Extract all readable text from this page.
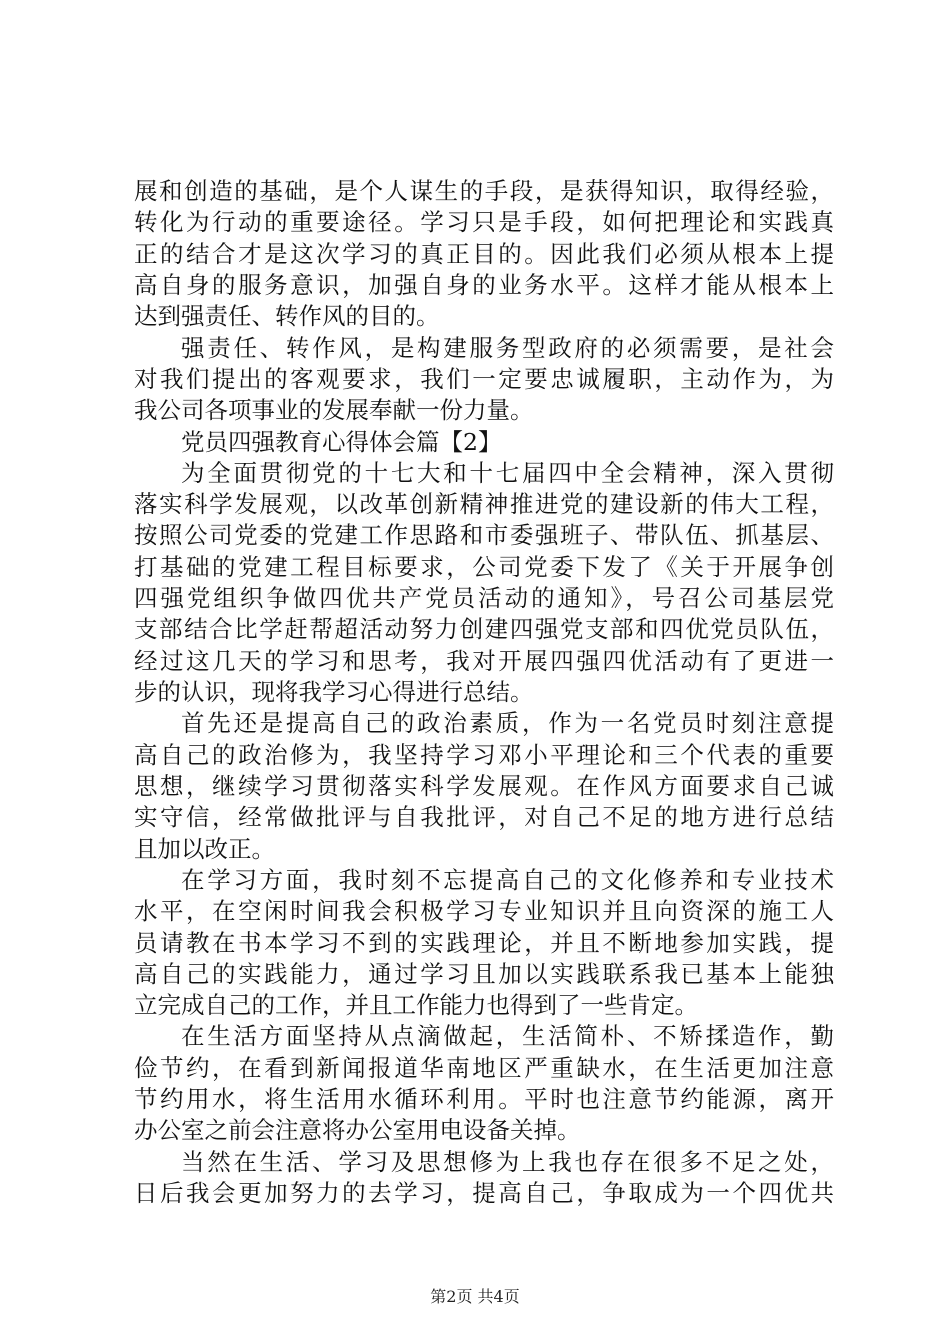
展和创造的基础，是个人谋生的手段，是获得知识，取得经验，
转化为行动的重要途径。学习只是手段，如何把理论和实践真
正的结合才是这次学习的真正目的。因此我们必须从根本上提
高自身的服务意识，加强自身的业务水平。这样才能从根本上
达到强责任、转作风的目的。
强责任、转作风，是构建服务型政府的必须需要，是社会
对我们提出的客观要求，我们一定要忠诚履职，主动作为，为
我公司各项事业的发展奉献一份力量。
党员四强教育心得体会篇【2】
为全面贯彻党的十七大和十七届四中全会精神，深入贯彻
落实科学发展观，以改革创新精神推进党的建设新的伟大工程，
按照公司党委的党建工作思路和市委强班子、带队伍、抓基层、
打基础的党建工程目标要求，公司党委下发了《关于开展争创
四强党组织争做四优共产党员活动的通知》，号召公司基层党
支部结合比学赶帮超活动努力创建四强党支部和四优党员队伍，
经过这几天的学习和思考，我对开展四强四优活动有了更进一
步的认识，现将我学习心得进行总结。
首先还是提高自己的政治素质，作为一名党员时刻注意提
高自己的政治修为，我坚持学习邓小平理论和三个代表的重要
思想，继续学习贯彻落实科学发展观。在作风方面要求自己诚
实守信，经常做批评与自我批评，对自己不足的地方进行总结
且加以改正。
在学习方面，我时刻不忘提高自己的文化修养和专业技术
水平，在空闲时间我会积极学习专业知识并且向资深的施工人
员请教在书本学习不到的实践理论，并且不断地参加实践，提
高自己的实践能力，通过学习且加以实践联系我已基本上能独
立完成自己的工作，并且工作能力也得到了一些肯定。
在生活方面坚持从点滴做起，生活简朴、不矫揉造作，勤
俭节约，在看到新闻报道华南地区严重缺水，在生活更加注意
节约用水，将生活用水循环利用。平时也注意节约能源，离开
办公室之前会注意将办公室用电设备关掉。
当然在生活、学习及思想修为上我也存在很多不足之处，
日后我会更加努力的去学习，提高自己，争取成为一个四优共
第2页 共4页
